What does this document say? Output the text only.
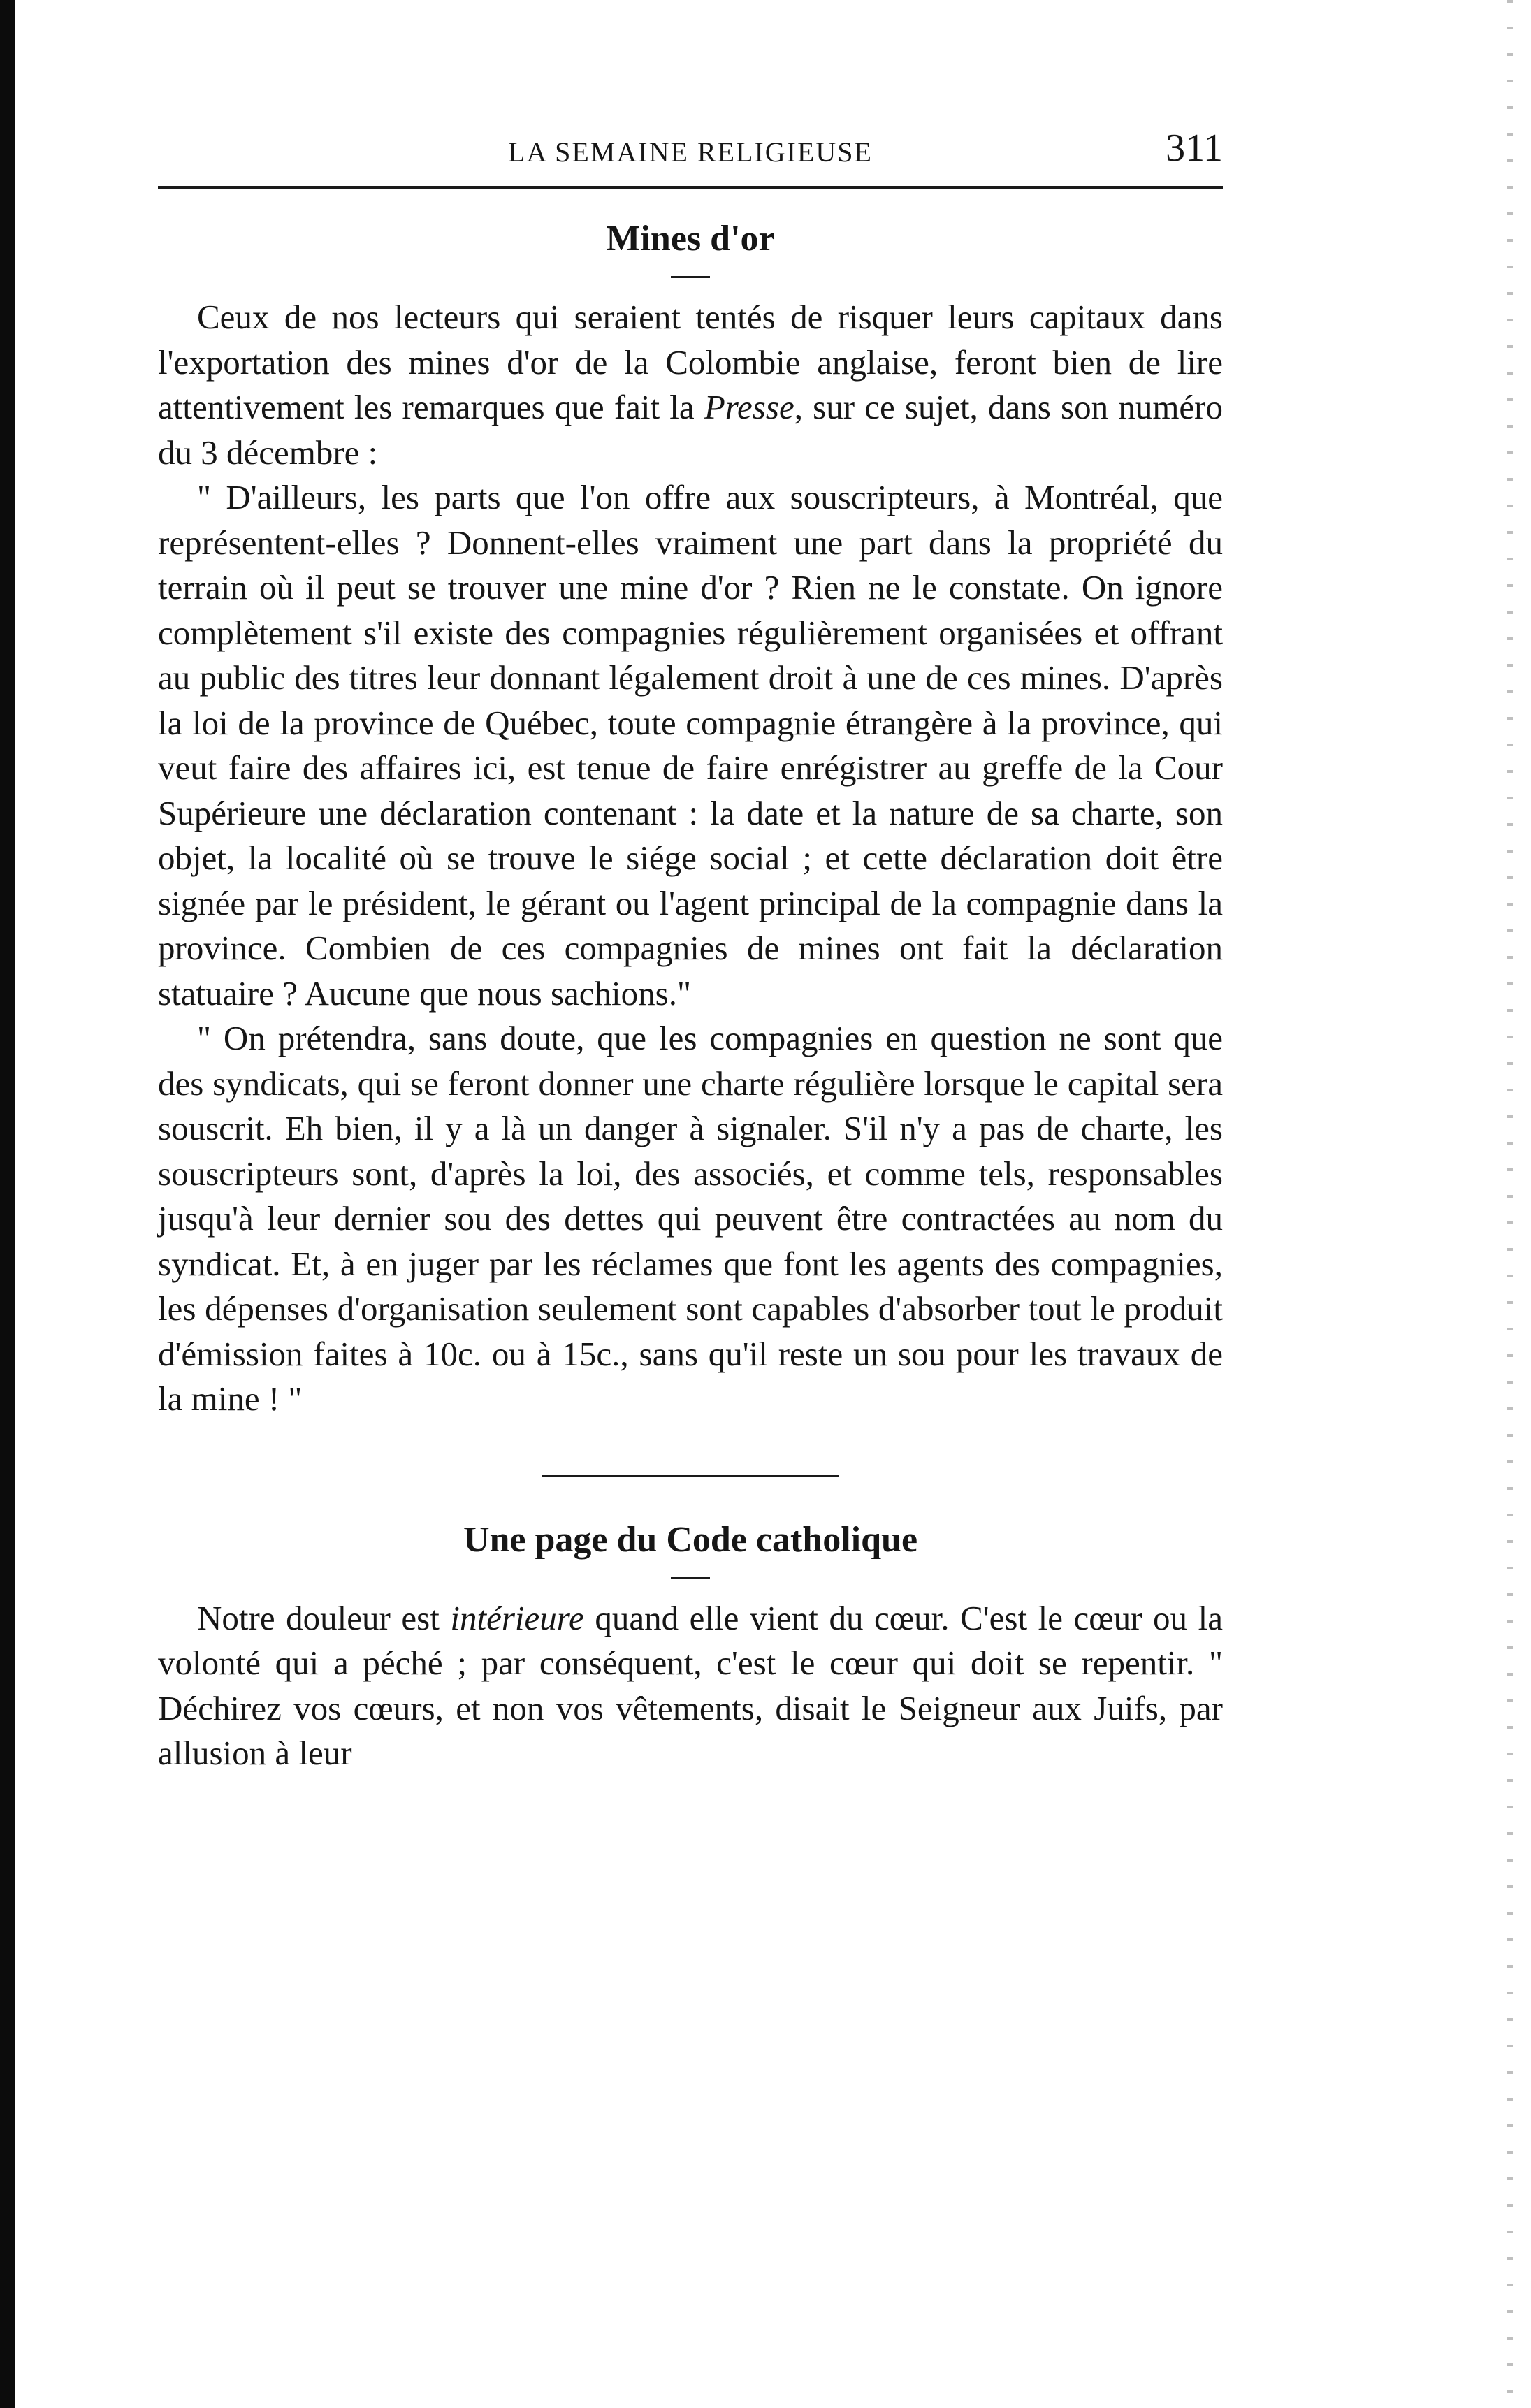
LA SEMAINE RELIGIEUSE	311
Mines d'or

Ceux de nos lecteurs qui seraient tentés de risquer leurs capitaux dans l'exportation des mines d'or de la Colombie anglaise, feront bien de lire attentivement les remarques que fait la Presse, sur ce sujet, dans son numéro du 3 décembre :

" D'ailleurs, les parts que l'on offre aux souscripteurs, à Montréal, que représentent-elles ? Donnent-elles vraiment une part dans la propriété du terrain où il peut se trouver une mine d'or ? Rien ne le constate. On ignore complètement s'il existe des compagnies régulièrement organisées et offrant au public des titres leur donnant légalement droit à une de ces mines. D'après la loi de la province de Québec, toute compagnie étrangère à la province, qui veut faire des affaires ici, est tenue de faire enrégistrer au greffe de la Cour Supérieure une déclaration contenant : la date et la nature de sa charte, son objet, la localité où se trouve le siége social ; et cette déclaration doit être signée par le président, le gérant ou l'agent principal de la compagnie dans la province. Combien de ces compagnies de mines ont fait la déclaration statuaire ? Aucune que nous sachions."

" On prétendra, sans doute, que les compagnies en question ne sont que des syndicats, qui se feront donner une charte régulière lorsque le capital sera souscrit. Eh bien, il y a là un danger à signaler. S'il n'y a pas de charte, les souscripteurs sont, d'après la loi, des associés, et comme tels, responsables jusqu'à leur dernier sou des dettes qui peuvent être contractées au nom du syndicat. Et, à en juger par les réclames que font les agents des compagnies, les dépenses d'organisation seulement sont capables d'absorber tout le produit d'émission faites à 10c. ou à 15c., sans qu'il reste un sou pour les travaux de la mine ! "

Une page du Code catholique

Notre douleur est intérieure quand elle vient du cœur. C'est le cœur ou la volonté qui a péché ; par conséquent, c'est le cœur qui doit se repentir. " Déchirez vos cœurs, et non vos vêtements, disait le Seigneur aux Juifs, par allusion à leur
